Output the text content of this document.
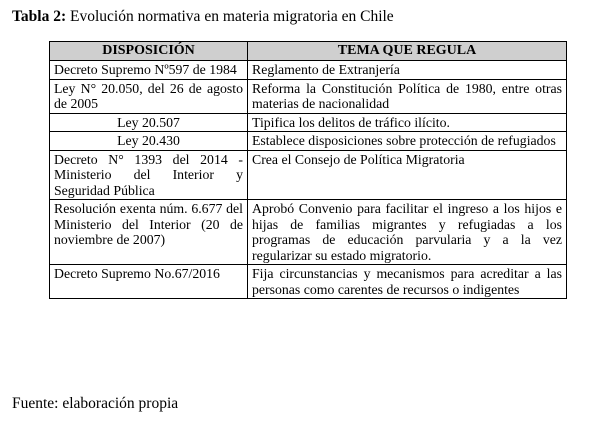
Tabla 2: Evolución normativa en materia migratoria en Chile
DISPOSICIÓN	TEMA QUE REGULA
Decreto Supremo Nº597 de 1984	Reglamento de Extranjería
Ley N° 20.050, del 26 de agosto de 2005	Reforma la Constitución Política de 1980, entre otras materias de nacionalidad
Ley 20.507	Tipifica los delitos de tráfico ilícito.
Ley 20.430	Establece disposiciones sobre protección de refugiados
Decreto N° 1393 del 2014 - Ministerio del Interior y Seguridad Pública	Crea el Consejo de Política Migratoria
Resolución exenta núm. 6.677 del Ministerio del Interior (20 de noviembre de 2007)	Aprobó Convenio para facilitar el ingreso a los hijos e hijas de familias migrantes y refugiadas a los programas de educación parvularia y a la vez regularizar su estado migratorio.
Decreto Supremo No.67/2016	Fija circunstancias y mecanismos para acreditar a las personas como carentes de recursos o indigentes
Fuente: elaboración propia
